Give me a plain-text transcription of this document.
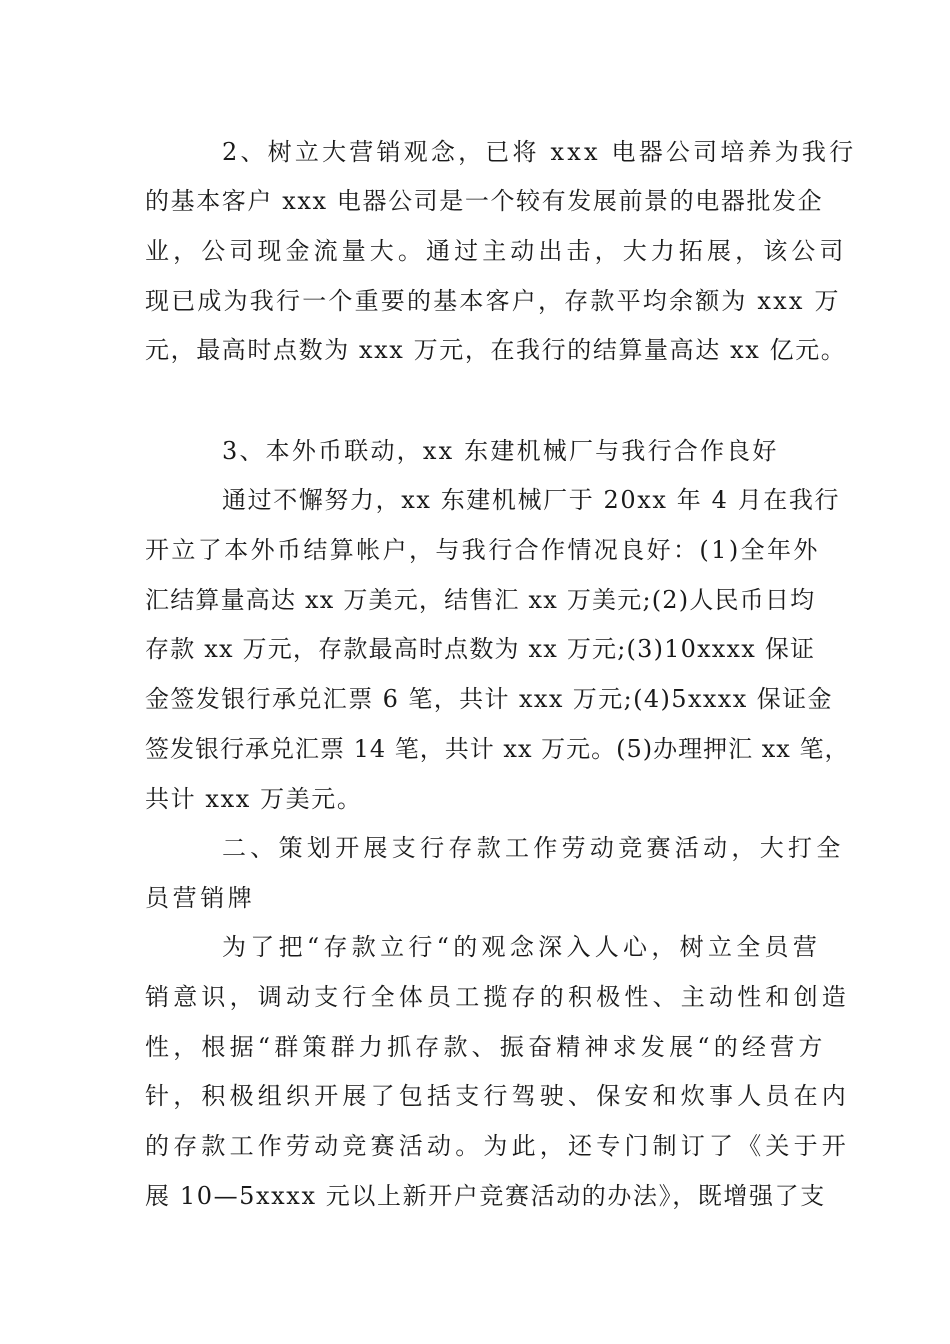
2、树立大营销观念，已将 xxx 电器公司培养为我行
的基本客户 xxx 电器公司是一个较有发展前景的电器批发企
业，公司现金流量大。通过主动出击，大力拓展，该公司
现已成为我行一个重要的基本客户，存款平均余额为 xxx 万
元，最高时点数为 xxx 万元，在我行的结算量高达 xx 亿元。
3、本外币联动，xx 东建机械厂与我行合作良好
通过不懈努力，xx 东建机械厂于 20xx 年 4 月在我行
开立了本外币结算帐户，与我行合作情况良好：(1)全年外
汇结算量高达 xx 万美元，结售汇 xx 万美元;(2)人民币日均
存款 xx 万元，存款最高时点数为 xx 万元;(3)10xxxx 保证
金签发银行承兑汇票 6 笔，共计 xxx 万元;(4)5xxxx 保证金
签发银行承兑汇票 14 笔，共计 xx 万元。(5)办理押汇 xx 笔，
共计 xxx 万美元。
二、策划开展支行存款工作劳动竞赛活动，大打全
员营销牌
为了把“存款立行“的观念深入人心，树立全员营
销意识，调动支行全体员工揽存的积极性、主动性和创造
性，根据“群策群力抓存款、振奋精神求发展“的经营方
针，积极组织开展了包括支行驾驶、保安和炊事人员在内
的存款工作劳动竞赛活动。为此，还专门制订了《关于开
展 10—5xxxx 元以上新开户竞赛活动的办法》，既增强了支
